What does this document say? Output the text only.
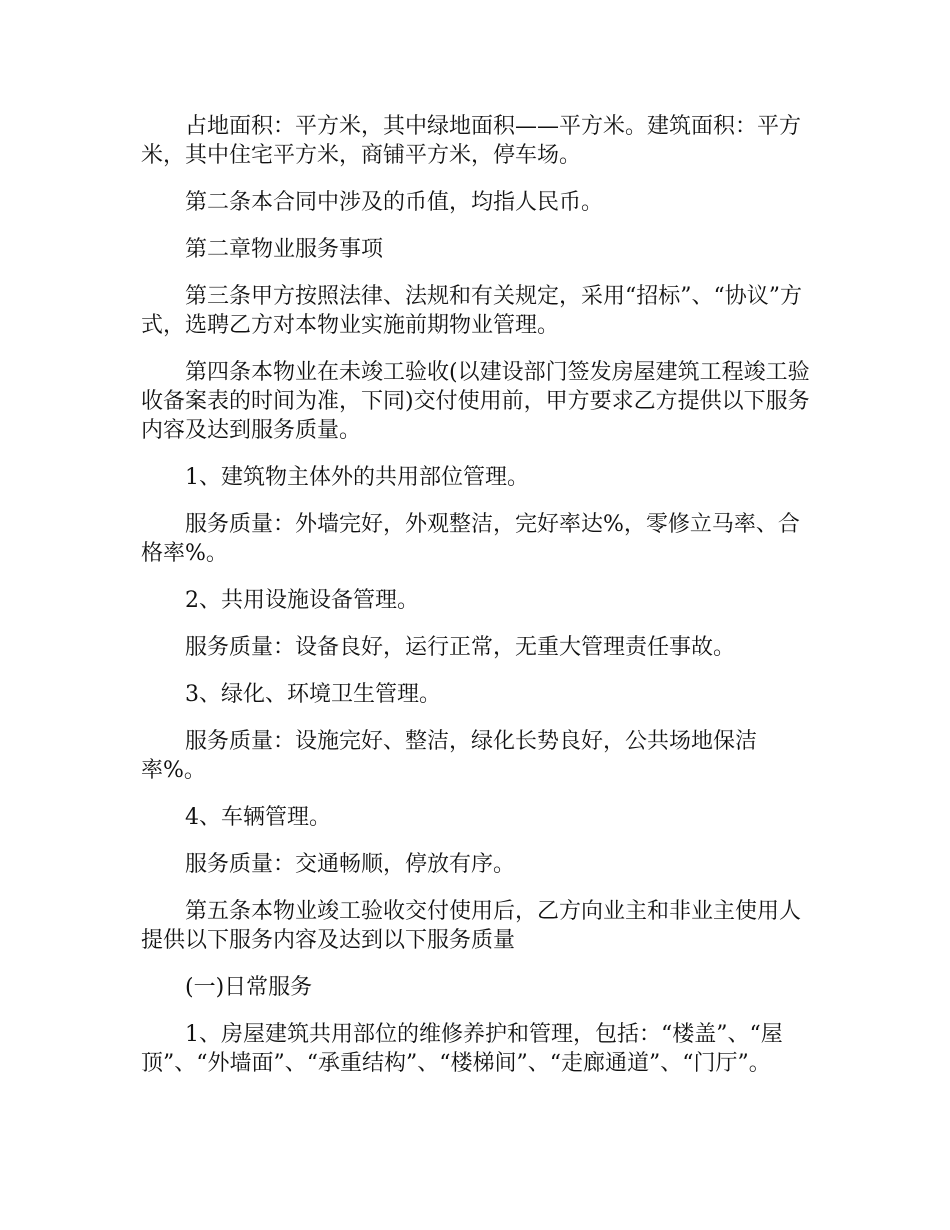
占地面积：平方米，其中绿地面积——平方米。建筑面积：平方米，其中住宅平方米，商铺平方米，停车场。

第二条本合同中涉及的币值，均指人民币。

第二章物业服务事项

第三条甲方按照法律、法规和有关规定，采用“招标”、“协议”方式，选聘乙方对本物业实施前期物业管理。

第四条本物业在未竣工验收(以建设部门签发房屋建筑工程竣工验收备案表的时间为准，下同)交付使用前，甲方要求乙方提供以下服务内容及达到服务质量。

1、建筑物主体外的共用部位管理。

服务质量：外墙完好，外观整洁，完好率达%，零修立马率、合格率%。

2、共用设施设备管理。

服务质量：设备良好，运行正常，无重大管理责任事故。

3、绿化、环境卫生管理。

服务质量：设施完好、整洁，绿化长势良好，公共场地保洁率%。

4、车辆管理。

服务质量：交通畅顺，停放有序。

第五条本物业竣工验收交付使用后，乙方向业主和非业主使用人提供以下服务内容及达到以下服务质量

(一)日常服务

1、房屋建筑共用部位的维修养护和管理，包括：“楼盖”、“屋顶”、“外墙面”、“承重结构”、“楼梯间”、“走廊通道”、“门厅”。
